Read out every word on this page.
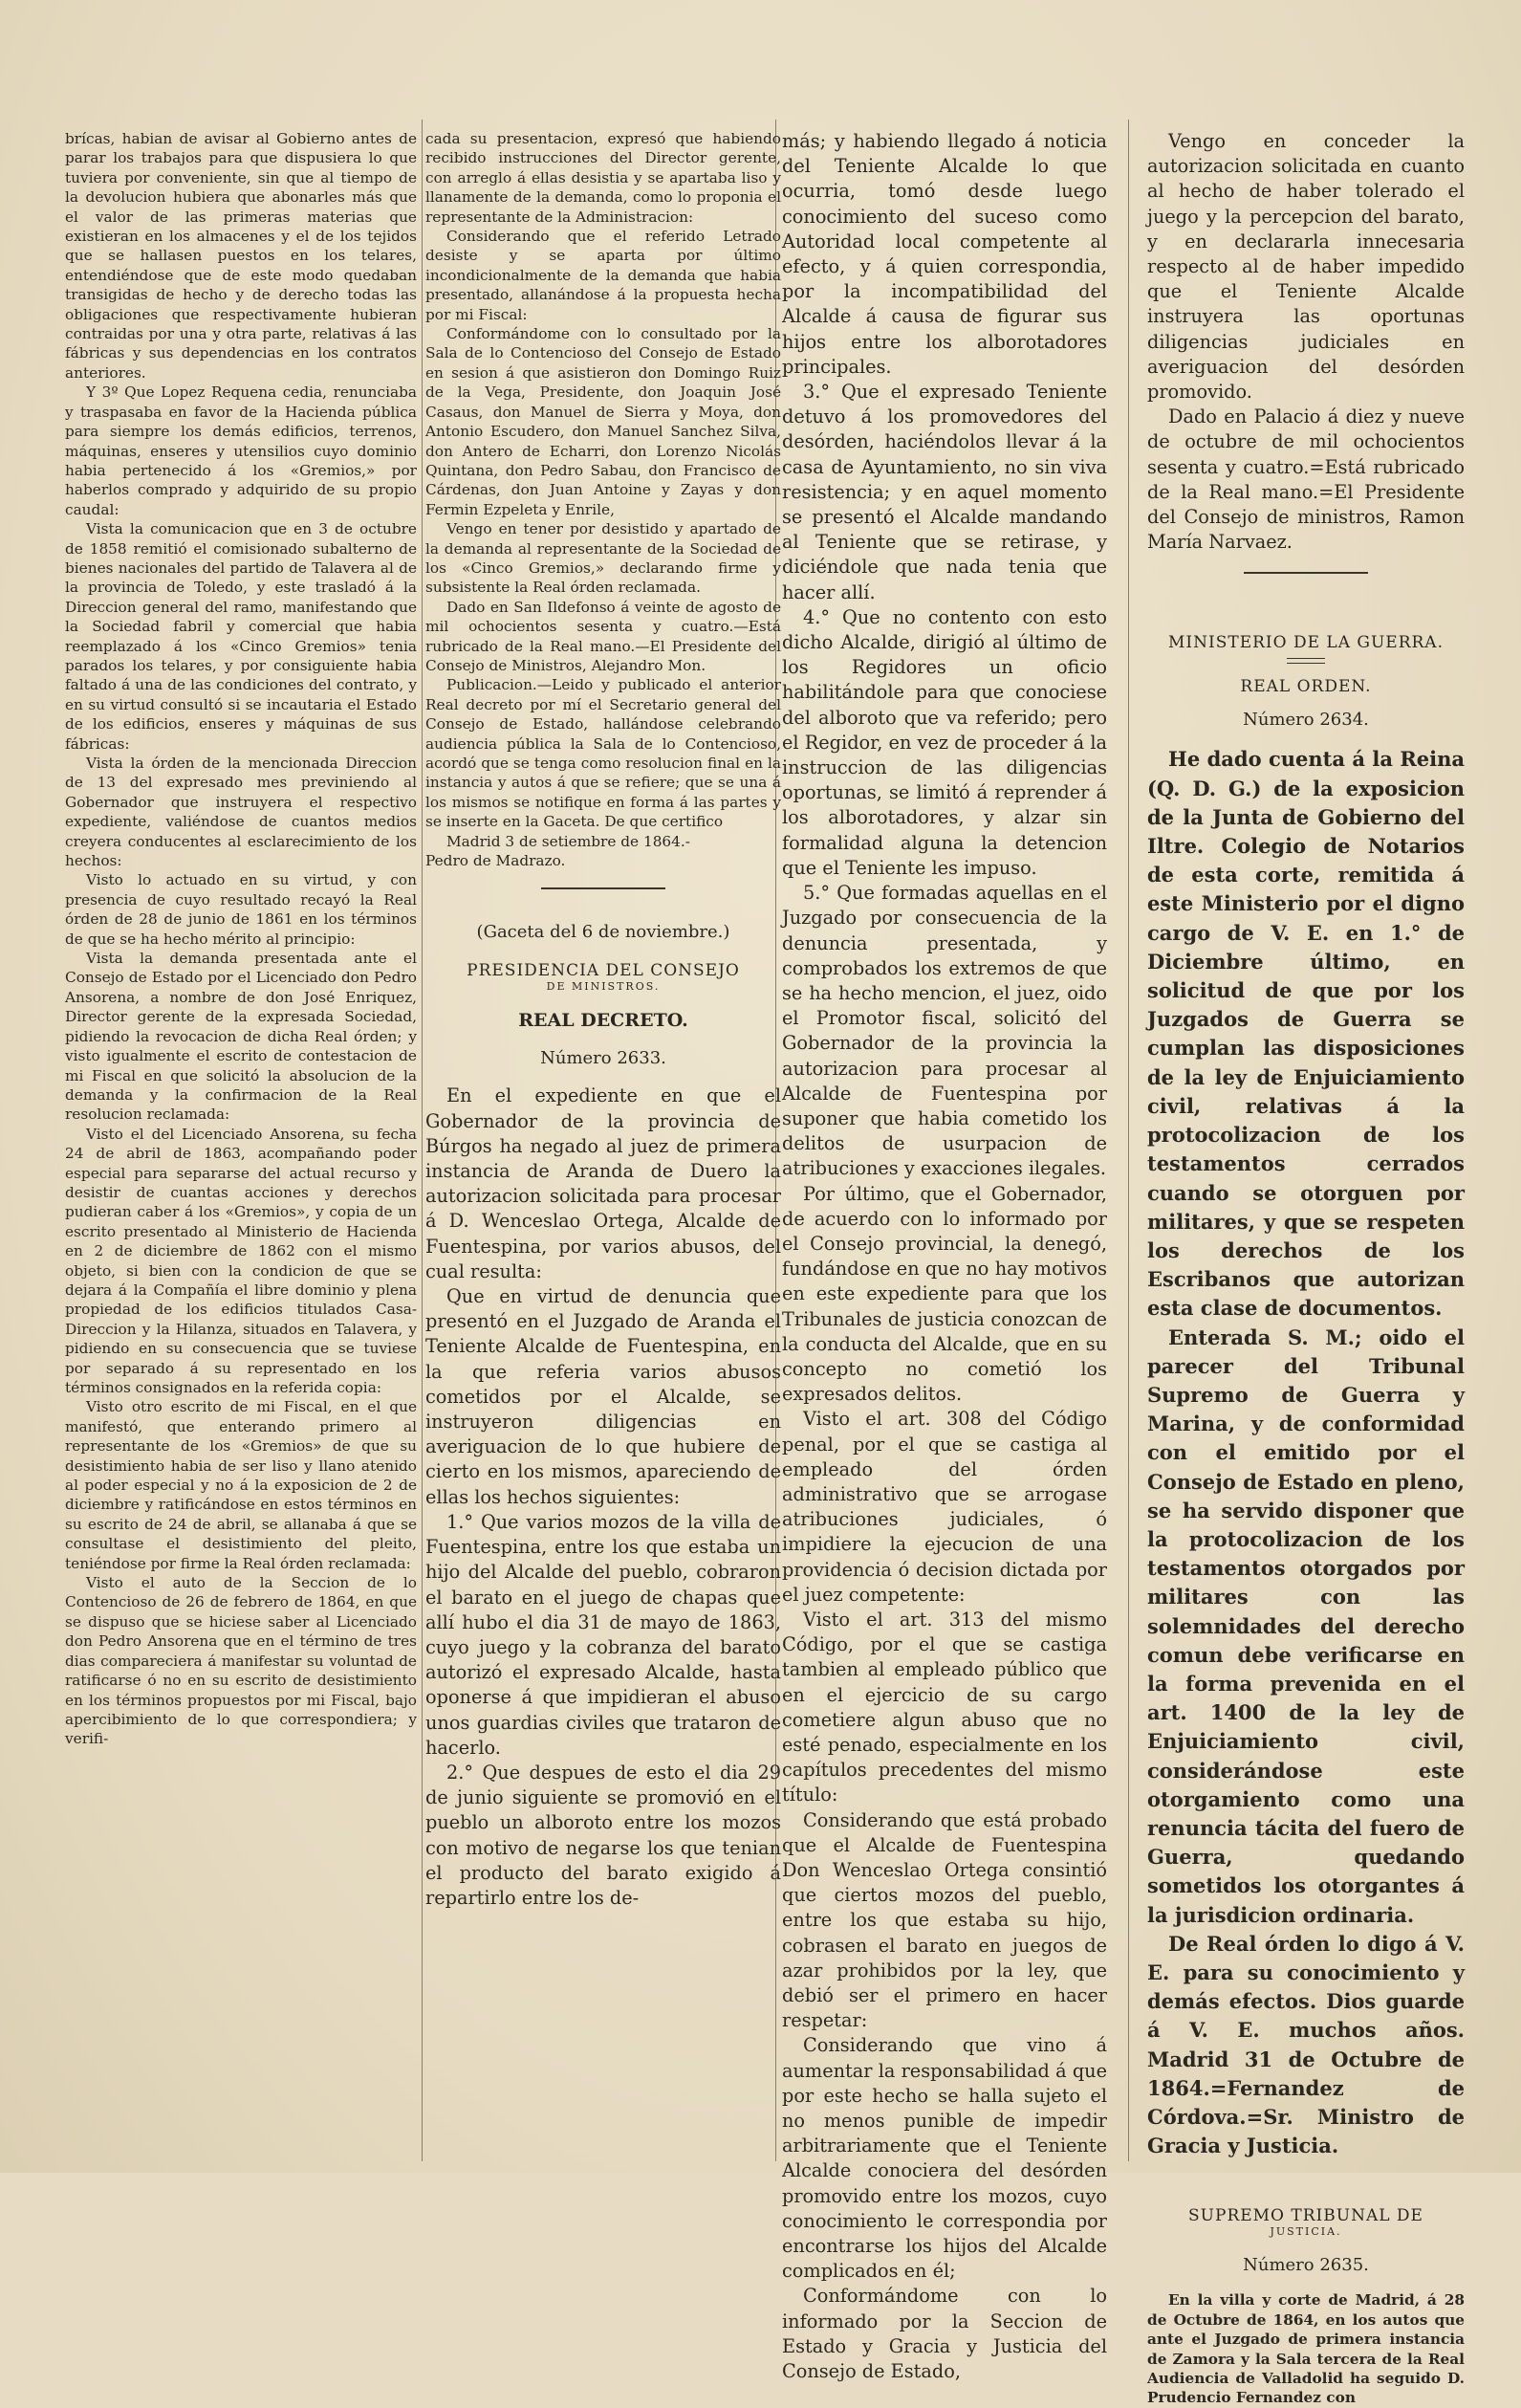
brícas, habian de avisar al Gobierno antes de parar los trabajos para que dispusiera lo que tuviera por conveniente, sin que al tiempo de la devolucion hubiera que abonarles más que el valor de las primeras materias que existieran en los almacenes y el de los tejidos que se hallasen puestos en los telares, entendiéndose que de este modo quedaban transigidas de hecho y de derecho todas las obligaciones que respectivamente hubieran contraidas por una y otra parte, relativas á las fábricas y sus dependencias en los contratos anteriores.

Y 3º Que Lopez Requena cedia, renunciaba y traspasaba en favor de la Hacienda pública para siempre los demás edificios, terrenos, máquinas, enseres y utensilios cuyo dominio habia pertenecido á los «Gremios,» por haberlos comprado y adquirido de su propio caudal:

Vista la comunicacion que en 3 de octubre de 1858 remitió el comisionado subalterno de bienes nacionales del partido de Talavera al de la provincia de Toledo, y este trasladó á la Direccion general del ramo, manifestando que la Sociedad fabril y comercial que habia reemplazado á los «Cinco Gremios» tenia parados los telares, y por consiguiente habia faltado á una de las condiciones del contrato, y en su virtud consultó si se incautaria el Estado de los edificios, enseres y máquinas de sus fábricas:

Vista la órden de la mencionada Direccion de 13 del expresado mes previniendo al Gobernador que instruyera el respectivo expediente, valiéndose de cuantos medios creyera conducentes al esclarecimiento de los hechos:

Visto lo actuado en su virtud, y con presencia de cuyo resultado recayó la Real órden de 28 de junio de 1861 en los términos de que se ha hecho mérito al principio:

Vista la demanda presentada ante el Consejo de Estado por el Licenciado don Pedro Ansorena, a nombre de don José Enriquez, Director gerente de la expresada Sociedad, pidiendo la revocacion de dicha Real órden; y visto igualmente el escrito de contestacion de mi Fiscal en que solicitó la absolucion de la demanda y la confirmacion de la Real resolucion reclamada:

Visto el del Licenciado Ansorena, su fecha 24 de abril de 1863, acompañando poder especial para separarse del actual recurso y desistir de cuantas acciones y derechos pudieran caber á los «Gremios», y copia de un escrito presentado al Ministerio de Hacienda en 2 de diciembre de 1862 con el mismo objeto, si bien con la condicion de que se dejara á la Compañía el libre dominio y plena propiedad de los edificios titulados Casa-Direccion y la Hilanza, situados en Talavera, y pidiendo en su consecuencia que se tuviese por separado á su representado en los términos consignados en la referida copia:

Visto otro escrito de mi Fiscal, en el que manifestó, que enterando primero al representante de los «Gremios» de que su desistimiento habia de ser liso y llano atenido al poder especial y no á la exposicion de 2 de diciembre y ratificándose en estos términos en su escrito de 24 de abril, se allanaba á que se consultase el desistimiento del pleito, teniéndose por firme la Real órden reclamada:

Visto el auto de la Seccion de lo Contencioso de 26 de febrero de 1864, en que se dispuso que se hiciese saber al Licenciado don Pedro Ansorena que en el término de tres dias compareciera á manifestar su voluntad de ratificarse ó no en su escrito de desistimiento en los términos propuestos por mi Fiscal, bajo apercibimiento de lo que correspondiera; y verifi-

cada su presentacion, expresó que habiendo recibido instrucciones del Director gerente, con arreglo á ellas desistia y se apartaba liso y llanamente de la demanda, como lo proponia el representante de la Administracion:

Considerando que el referido Letrado desiste y se aparta por último incondicionalmente de la demanda que habia presentado, allanándose á la propuesta hecha por mi Fiscal:

Conformándome con lo consultado por la Sala de lo Contencioso del Consejo de Estado en sesion á que asistieron don Domingo Ruiz de la Vega, Presidente, don Joaquin José Casaus, don Manuel de Sierra y Moya, don Antonio Escudero, don Manuel Sanchez Silva, don Antero de Echarri, don Lorenzo Nicolás Quintana, don Pedro Sabau, don Francisco de Cárdenas, don Juan Antoine y Zayas y don Fermin Ezpeleta y Enrile,

Vengo en tener por desistido y apartado de la demanda al representante de la Sociedad de los «Cinco Gremios,» declarando firme y subsistente la Real órden reclamada.

Dado en San Ildefonso á veinte de agosto de mil ochocientos sesenta y cuatro.—Está rubricado de la Real mano.—El Presidente del Consejo de Ministros, Alejandro Mon.

Publicacion.—Leido y publicado el anterior Real decreto por mí el Secretario general del Consejo de Estado, hallándose celebrando audiencia pública la Sala de lo Contencioso, acordó que se tenga como resolucion final en la instancia y autos á que se refiere; que se una á los mismos se notifique en forma á las partes y se inserte en la Gaceta. De que certifico

Madrid 3 de setiembre de 1864.-

Pedro de Madrazo.

(Gaceta del 6 de noviembre.)
PRESIDENCIA DEL CONSEJO
DE MINISTROS.
REAL DECRETO.
Número 2633.

En el expediente en que el Gobernador de la provincia de Búrgos ha negado al juez de primera instancia de Aranda de Duero la autorizacion solicitada para procesar á D. Wenceslao Ortega, Alcalde de Fuentespina, por varios abusos, del cual resulta:

Que en virtud de denuncia que presentó en el Juzgado de Aranda el Teniente Alcalde de Fuentespina, en la que referia varios abusos cometidos por el Alcalde, se instruyeron diligencias en averiguacion de lo que hubiere de cierto en los mismos, apareciendo de ellas los hechos siguientes:

1.° Que varios mozos de la villa de Fuentespina, entre los que estaba un hijo del Alcalde del pueblo, cobraron el barato en el juego de chapas que allí hubo el dia 31 de mayo de 1863, cuyo juego y la cobranza del barato autorizó el expresado Alcalde, hasta oponerse á que impidieran el abuso unos guardias civiles que trataron de hacerlo.

2.° Que despues de esto el dia 29 de junio siguiente se promovió en el pueblo un alboroto entre los mozos con motivo de negarse los que tenian el producto del barato exigido á repartirlo entre los de-

más; y habiendo llegado á noticia del Teniente Alcalde lo que ocurria, tomó desde luego conocimiento del suceso como Autoridad local competente al efecto, y á quien correspondia, por la incompatibilidad del Alcalde á causa de figurar sus hijos entre los alborotadores principales.

3.° Que el expresado Teniente detuvo á los promovedores del desórden, haciéndolos llevar á la casa de Ayuntamiento, no sin viva resistencia; y en aquel momento se presentó el Alcalde mandando al Teniente que se retirase, y diciéndole que nada tenia que hacer allí.

4.° Que no contento con esto dicho Alcalde, dirigió al último de los Regidores un oficio habilitándole para que conociese del alboroto que va referido; pero el Regidor, en vez de proceder á la instruccion de las diligencias oportunas, se limitó á reprender á los alborotadores, y alzar sin formalidad alguna la detencion que el Teniente les impuso.

5.° Que formadas aquellas en el Juzgado por consecuencia de la denuncia presentada, y comprobados los extremos de que se ha hecho mencion, el juez, oido el Promotor fiscal, solicitó del Gobernador de la provincia la autorizacion para procesar al Alcalde de Fuentespina por suponer que habia cometido los delitos de usurpacion de atribuciones y exacciones ilegales.

Por último, que el Gobernador, de acuerdo con lo informado por el Consejo provincial, la denegó, fundándose en que no hay motivos en este expediente para que los Tribunales de justicia conozcan de la conducta del Alcalde, que en su concepto no cometió los expresados delitos.

Visto el art. 308 del Código penal, por el que se castiga al empleado del órden administrativo que se arrogase atribuciones judiciales, ó impidiere la ejecucion de una providencia ó decision dictada por el juez competente:

Visto el art. 313 del mismo Código, por el que se castiga tambien al empleado público que en el ejercicio de su cargo cometiere algun abuso que no esté penado, especialmente en los capítulos precedentes del mismo título:

Considerando que está probado que el Alcalde de Fuentespina Don Wenceslao Ortega consintió que ciertos mozos del pueblo, entre los que estaba su hijo, cobrasen el barato en juegos de azar prohibidos por la ley, que debió ser el primero en hacer respetar:

Considerando que vino á aumentar la responsabilidad á que por este hecho se halla sujeto el no menos punible de impedir arbitrariamente que el Teniente Alcalde conociera del desórden promovido entre los mozos, cuyo conocimiento le correspondia por encontrarse los hijos del Alcalde complicados en él;

Conformándome con lo informado por la Seccion de Estado y Gracia y Justicia del Consejo de Estado,

Vengo en conceder la autorizacion solicitada en cuanto al hecho de haber tolerado el juego y la percepcion del barato, y en declararla innecesaria respecto al de haber impedido que el Teniente Alcalde instruyera las oportunas diligencias judiciales en averiguacion del desórden promovido.

Dado en Palacio á diez y nueve de octubre de mil ochocientos sesenta y cuatro.=Está rubricado de la Real mano.=El Presidente del Consejo de ministros, Ramon María Narvaez.

MINISTERIO DE LA GUERRA.
REAL ORDEN.
Número 2634.

He dado cuenta á la Reina (Q. D. G.) de la exposicion de la Junta de Gobierno del Iltre. Colegio de Notarios de esta corte, remitida á este Ministerio por el digno cargo de V. E. en 1.° de Diciembre último, en solicitud de que por los Juzgados de Guerra se cumplan las disposiciones de la ley de Enjuiciamiento civil, relativas á la protocolizacion de los testamentos cerrados cuando se otorguen por militares, y que se respeten los derechos de los Escribanos que autorizan esta clase de documentos.

Enterada S. M.; oido el parecer del Tribunal Supremo de Guerra y Marina, y de conformidad con el emitido por el Consejo de Estado en pleno, se ha servido disponer que la protocolizacion de los testamentos otorgados por militares con las solemnidades del derecho comun debe verificarse en la forma prevenida en el art. 1400 de la ley de Enjuiciamiento civil, considerándose este otorgamiento como una renuncia tácita del fuero de Guerra, quedando sometidos los otorgantes á la jurisdicion ordinaria.

De Real órden lo digo á V. E. para su conocimiento y demás efectos. Dios guarde á V. E. muchos años. Madrid 31 de Octubre de 1864.=Fernandez de Córdova.=Sr. Ministro de Gracia y Justicia.

SUPREMO TRIBUNAL DE
JUSTICIA.
Número 2635.

En la villa y corte de Madrid, á 28 de Octubre de 1864, en los autos que ante el Juzgado de primera instancia de Zamora y la Sala tercera de la Real Audiencia de Valladolid ha seguido D. Prudencio Fernandez con
